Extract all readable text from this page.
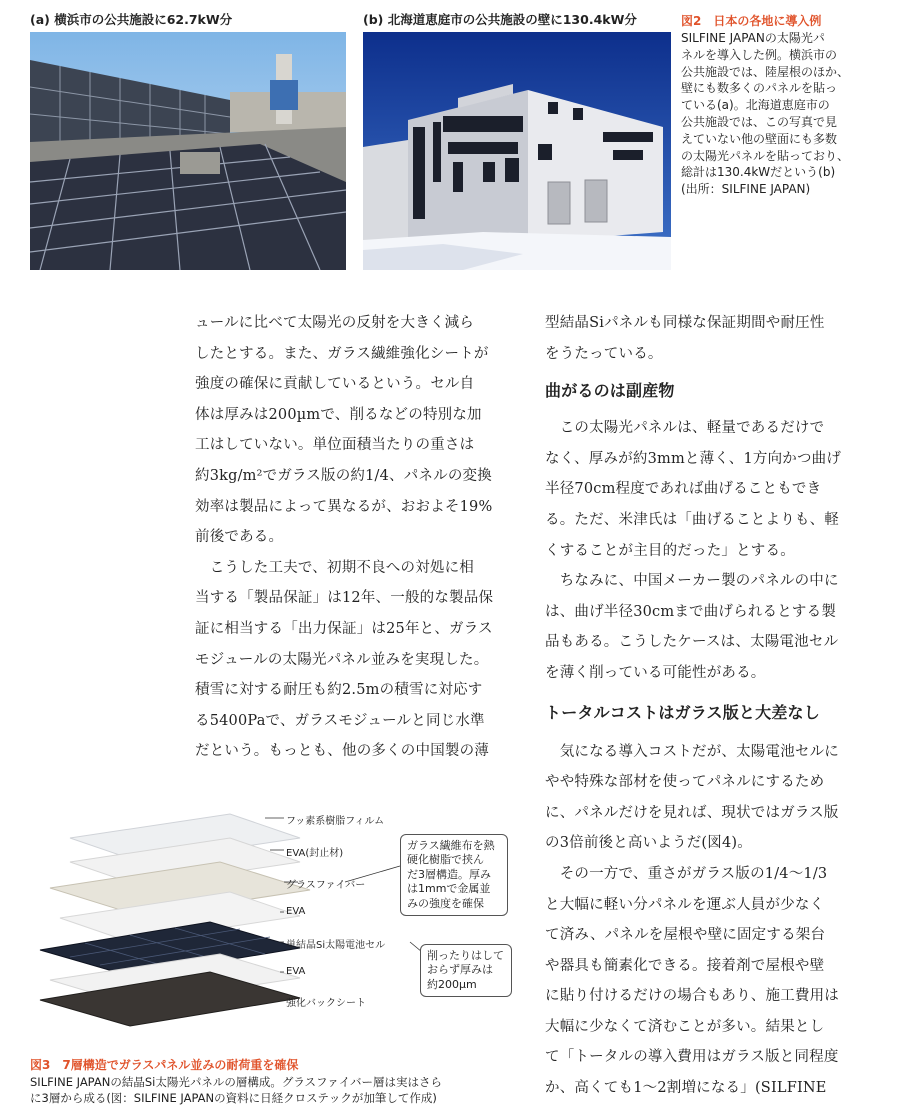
(a) 横浜市の公共施設に62.7kW分	(b) 北海道恵庭市の公共施設の壁に130.4kW分	図2　日本の各地に導入例
SILFINE JAPANの太陽光パ
ネルを導入した例。横浜市の
公共施設では、陸屋根のほか、
壁にも数多くのパネルを貼っ
ている(a)。北海道恵庭市の
公共施設では、この写真で見
えていない他の壁面にも多数
の太陽光パネルを貼っており、
総計は130.4kWだという(b)
(出所：SILFINE JAPAN)
ュールに比べて太陽光の反射を大きく減ら
したとする。また、ガラス繊維強化シートが
強度の確保に貢献しているという。セル自
体は厚みは200µmで、削るなどの特別な加
工はしていない。単位面積当たりの重さは
約3kg/m²でガラス版の約1/4、パネルの変換
効率は製品によって異なるが、おおよそ19%
前後である。
　こうした工夫で、初期不良への対処に相
当する「製品保証」は12年、一般的な製品保
証に相当する「出力保証」は25年と、ガラス
モジュールの太陽光パネル並みを実現した。
積雪に対する耐圧も約2.5mの積雪に対応す
る5400Paで、ガラスモジュールと同じ水準
だという。もっとも、他の多くの中国製の薄
型結晶Siパネルも同様な保証期間や耐圧性
をうたっている。
曲がるのは副産物
　この太陽光パネルは、軽量であるだけで
なく、厚みが約3mmと薄く、1方向かつ曲げ
半径70cm程度であれば曲げることもでき
る。ただ、米津氏は「曲げることよりも、軽
くすることが主目的だった」とする。
　ちなみに、中国メーカー製のパネルの中に
は、曲げ半径30cmまで曲げられるとする製
品もある。こうしたケースは、太陽電池セル
を薄く削っている可能性がある。
トータルコストはガラス版と大差なし
　気になる導入コストだが、太陽電池セルに
やや特殊な部材を使ってパネルにするため
に、パネルだけを見れば、現状ではガラス版
の3倍前後と高いようだ(図4)。
　その一方で、重さがガラス版の1/4～1/3
と大幅に軽い分パネルを運ぶ人員が少なく
て済み、パネルを屋根や壁に固定する架台
や器具も簡素化できる。接着剤で屋根や壁
に貼り付けるだけの場合もあり、施工費用は
大幅に少なくて済むことが多い。結果とし
て「トータルの導入費用はガラス版と同程度
か、高くても1～2割増になる」(SILFINE
フッ素系樹脂フィルム
EVA(封止材)
グラスファイバー
EVA
単結晶Si太陽電池セル
EVA
強化バックシート
ガラス繊維布を熱
硬化樹脂で挟ん
だ3層構造。厚み
は1mmで金属並
みの強度を確保
削ったりはして
おらず厚みは
約200µm
図3　7層構造でガラスパネル並みの耐荷重を確保
SILFINE JAPANの結晶Si太陽光パネルの層構成。グラスファイバー層は実はさら
に3層から成る(図：SILFINE JAPANの資料に日経クロステックが加筆して作成)
